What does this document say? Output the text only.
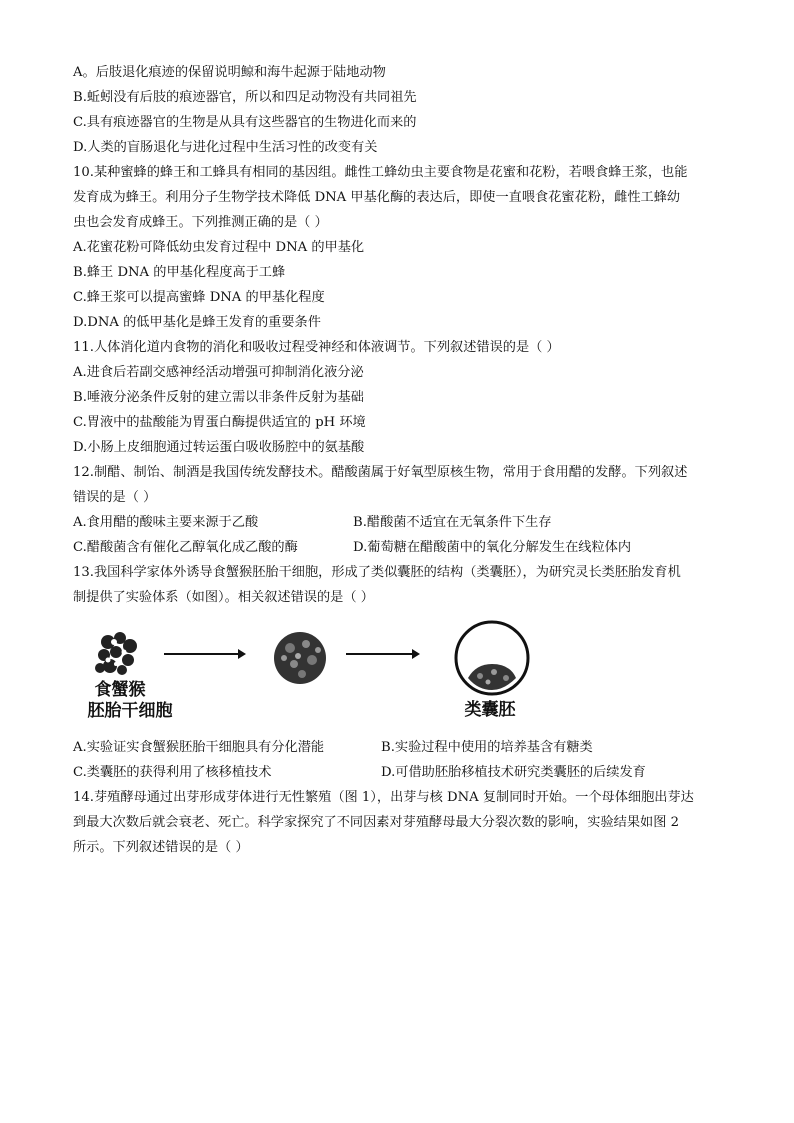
A。后肢退化痕迹的保留说明鲸和海牛起源于陆地动物
B.蚯蚓没有后肢的痕迹器官，所以和四足动物没有共同祖先
C.具有痕迹器官的生物是从具有这些器官的生物进化而来的
D.人类的盲肠退化与进化过程中生活习性的改变有关
10.某种蜜蜂的蜂王和工蜂具有相同的基因组。雌性工蜂幼虫主要食物是花蜜和花粉，若喂食蜂王浆，也能
发育成为蜂王。利用分子生物学技术降低 DNA 甲基化酶的表达后，即使一直喂食花蜜花粉，雌性工蜂幼
虫也会发育成蜂王。下列推测正确的是（ ）
A.花蜜花粉可降低幼虫发育过程中 DNA 的甲基化
B.蜂王 DNA 的甲基化程度高于工蜂
C.蜂王浆可以提高蜜蜂 DNA 的甲基化程度
D.DNA 的低甲基化是蜂王发育的重要条件
11.人体消化道内食物的消化和吸收过程受神经和体液调节。下列叙述错误的是（ ）
A.进食后若副交感神经活动增强可抑制消化液分泌
B.唾液分泌条件反射的建立需以非条件反射为基础
C.胃液中的盐酸能为胃蛋白酶提供适宜的 pH 环境
D.小肠上皮细胞通过转运蛋白吸收肠腔中的氨基酸
12.制醋、制饴、制酒是我国传统发酵技术。醋酸菌属于好氧型原核生物，常用于食用醋的发酵。下列叙述
错误的是（ ）
A.食用醋的酸味主要来源于乙酸	B.醋酸菌不适宜在无氧条件下生存
C.醋酸菌含有催化乙醇氧化成乙酸的酶	D.葡萄糖在醋酸菌中的氧化分解发生在线粒体内
13.我国科学家体外诱导食蟹猴胚胎干细胞，形成了类似囊胚的结构（类囊胚），为研究灵长类胚胎发育机
制提供了实验体系（如图）。相关叙述错误的是（ ）
食蟹猴
胚胎干细胞	类囊胚
A.实验证实食蟹猴胚胎干细胞具有分化潜能	B.实验过程中使用的培养基含有糖类
C.类囊胚的获得利用了核移植技术	D.可借助胚胎移植技术研究类囊胚的后续发育
14.芽殖酵母通过出芽形成芽体进行无性繁殖（图 1），出芽与核 DNA 复制同时开始。一个母体细胞出芽达
到最大次数后就会衰老、死亡。科学家探究了不同因素对芽殖酵母最大分裂次数的影响，实验结果如图 2
所示。下列叙述错误的是（ ）
